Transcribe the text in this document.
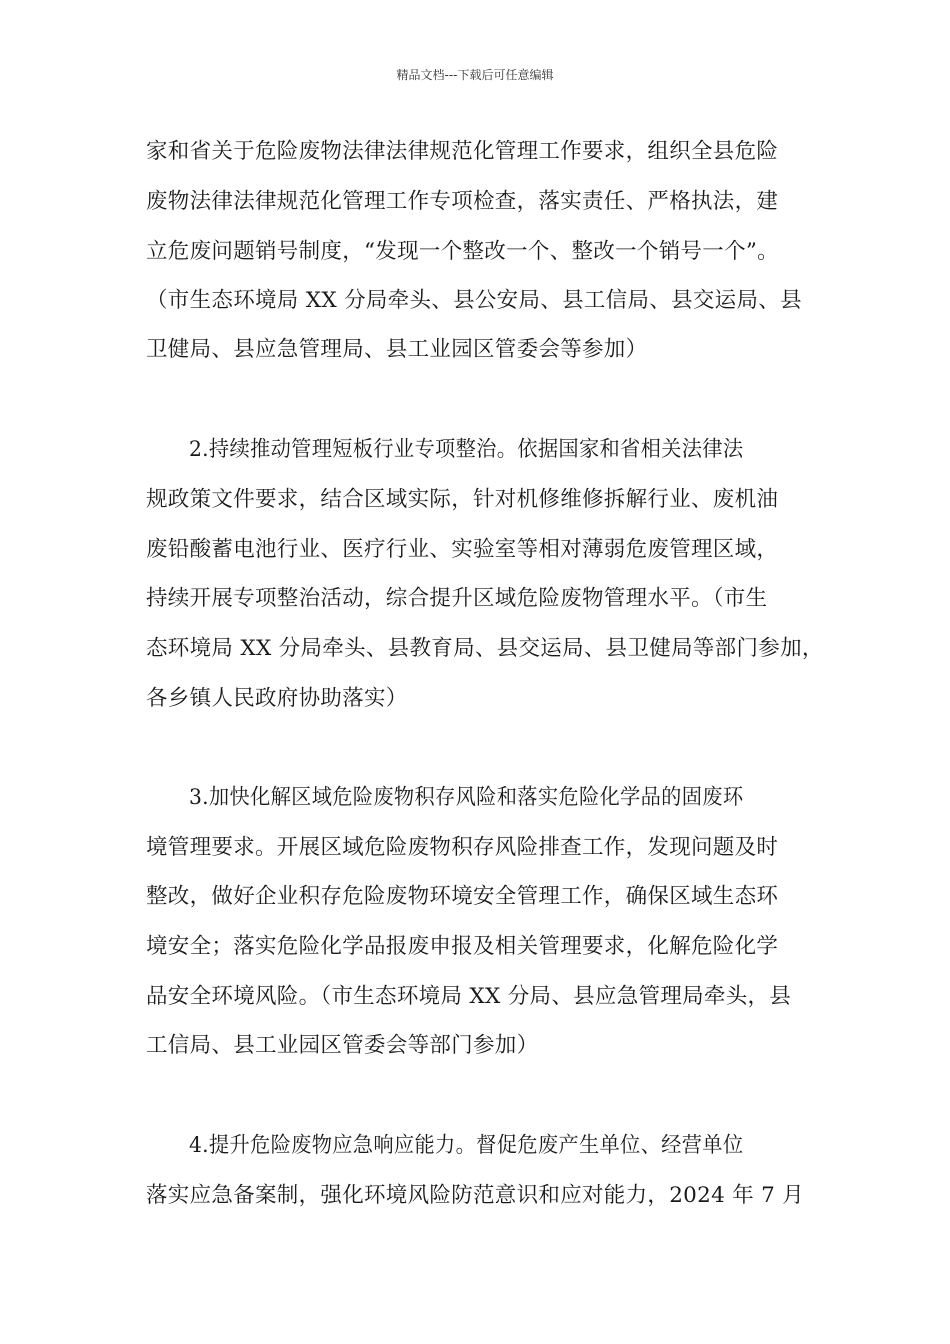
精品文档---下载后可任意编辑
家和省关于危险废物法律法律规范化管理工作要求，组织全县危险
废物法律法律规范化管理工作专项检查，落实责任、严格执法，建
立危废问题销号制度，“发现一个整改一个、整改一个销号一个”。
（市生态环境局 XX 分局牵头、县公安局、县工信局、县交运局、县
卫健局、县应急管理局、县工业园区管委会等参加）
2.持续推动管理短板行业专项整治。依据国家和省相关法律法
规政策文件要求，结合区域实际，针对机修维修拆解行业、废机油
废铅酸蓄电池行业、医疗行业、实验室等相对薄弱危废管理区域，
持续开展专项整治活动，综合提升区域危险废物管理水平。（市生
态环境局 XX 分局牵头、县教育局、县交运局、县卫健局等部门参加，
各乡镇人民政府协助落实）
3.加快化解区域危险废物积存风险和落实危险化学品的固废环
境管理要求。开展区域危险废物积存风险排查工作，发现问题及时
整改，做好企业积存危险废物环境安全管理工作，确保区域生态环
境安全；落实危险化学品报废申报及相关管理要求，化解危险化学
品安全环境风险。（市生态环境局 XX 分局、县应急管理局牵头，县
工信局、县工业园区管委会等部门参加）
4.提升危险废物应急响应能力。督促危废产生单位、经营单位
落实应急备案制，强化环境风险防范意识和应对能力，2024 年 7 月
